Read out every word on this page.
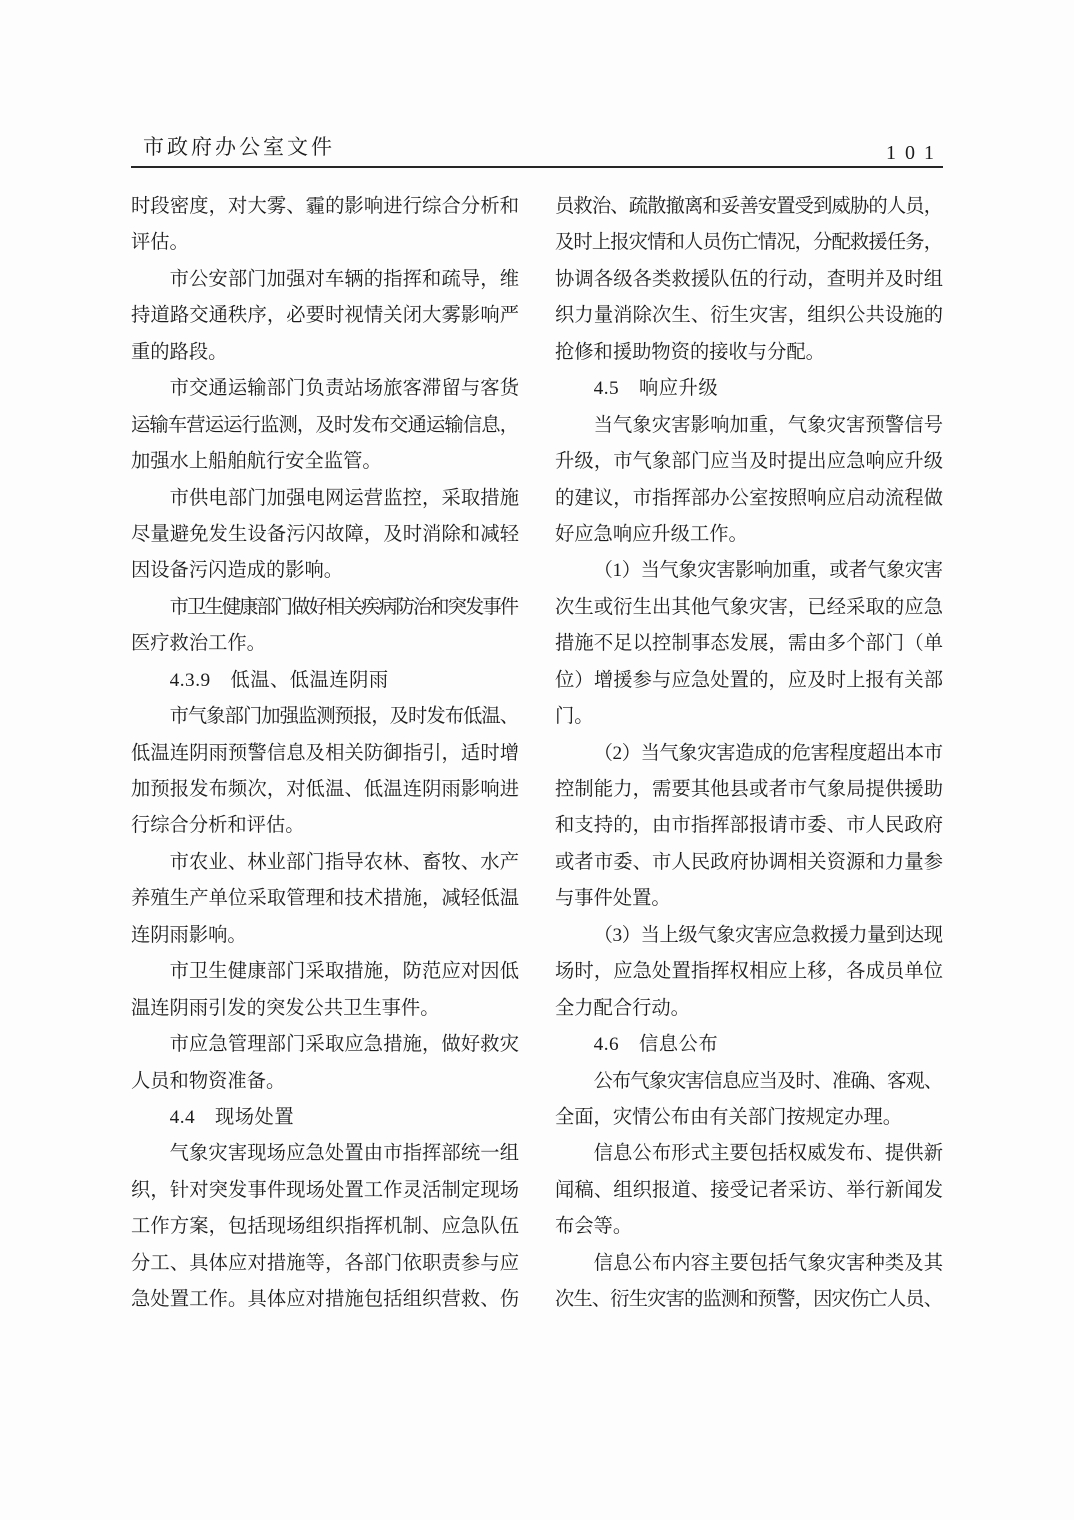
市政府办公室文件	101
时段密度，对大雾、霾的影响进行综合分析和
评估。
市公安部门加强对车辆的指挥和疏导，维
持道路交通秩序，必要时视情关闭大雾影响严
重的路段。
市交通运输部门负责站场旅客滞留与客货
运输车营运运行监测，及时发布交通运输信息，
加强水上船舶航行安全监管。
市供电部门加强电网运营监控，采取措施
尽量避免发生设备污闪故障，及时消除和减轻
因设备污闪造成的影响。
市卫生健康部门做好相关疾病防治和突发事件
医疗救治工作。
4.3.9　低温、低温连阴雨
市气象部门加强监测预报，及时发布低温、
低温连阴雨预警信息及相关防御指引，适时增
加预报发布频次，对低温、低温连阴雨影响进
行综合分析和评估。
市农业、林业部门指导农林、畜牧、水产
养殖生产单位采取管理和技术措施，减轻低温
连阴雨影响。
市卫生健康部门采取措施，防范应对因低
温连阴雨引发的突发公共卫生事件。
市应急管理部门采取应急措施，做好救灾
人员和物资准备。
4.4　现场处置
气象灾害现场应急处置由市指挥部统一组
织，针对突发事件现场处置工作灵活制定现场
工作方案，包括现场组织指挥机制、应急队伍
分工、具体应对措施等，各部门依职责参与应
急处置工作。具体应对措施包括组织营救、伤
员救治、疏散撤离和妥善安置受到威胁的人员，
及时上报灾情和人员伤亡情况，分配救援任务，
协调各级各类救援队伍的行动，查明并及时组
织力量消除次生、衍生灾害，组织公共设施的
抢修和援助物资的接收与分配。
4.5　响应升级
当气象灾害影响加重，气象灾害预警信号
升级，市气象部门应当及时提出应急响应升级
的建议，市指挥部办公室按照响应启动流程做
好应急响应升级工作。
（1）当气象灾害影响加重，或者气象灾害
次生或衍生出其他气象灾害，已经采取的应急
措施不足以控制事态发展，需由多个部门（单
位）增援参与应急处置的，应及时上报有关部
门。
（2）当气象灾害造成的危害程度超出本市
控制能力，需要其他县或者市气象局提供援助
和支持的，由市指挥部报请市委、市人民政府
或者市委、市人民政府协调相关资源和力量参
与事件处置。
（3）当上级气象灾害应急救援力量到达现
场时，应急处置指挥权相应上移，各成员单位
全力配合行动。
4.6　信息公布
公布气象灾害信息应当及时、准确、客观、
全面，灾情公布由有关部门按规定办理。
信息公布形式主要包括权威发布、提供新
闻稿、组织报道、接受记者采访、举行新闻发
布会等。
信息公布内容主要包括气象灾害种类及其
次生、衍生灾害的监测和预警，因灾伤亡人员、
